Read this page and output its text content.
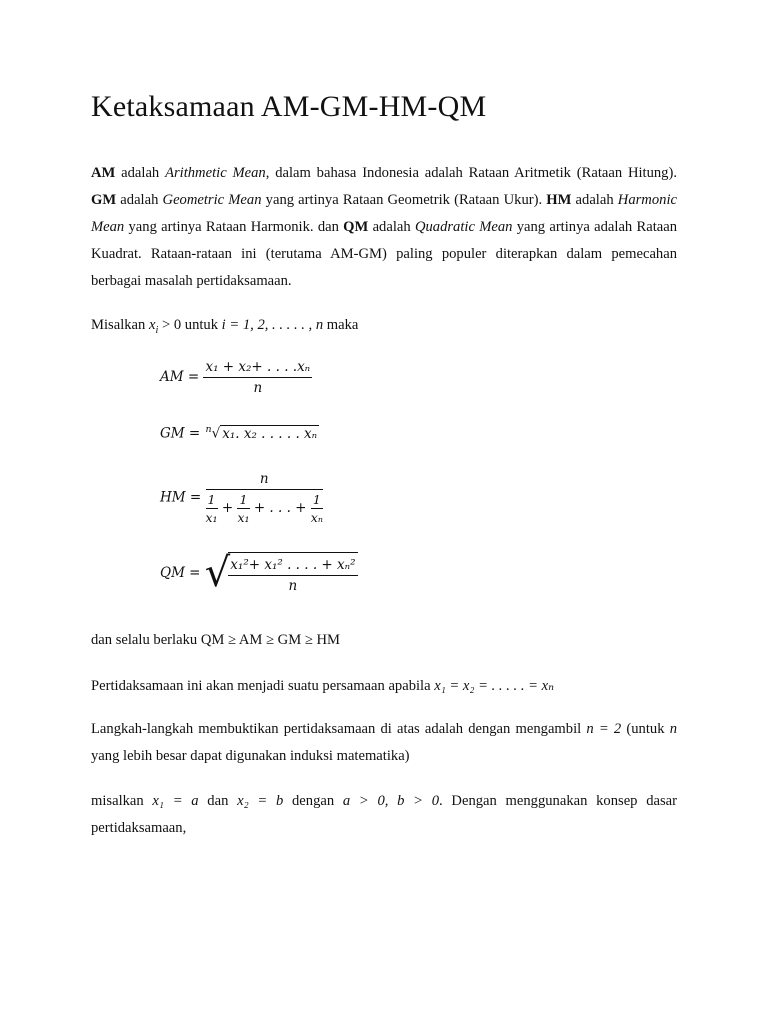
Ketaksamaan AM-GM-HM-QM

AM adalah Arithmetic Mean, dalam bahasa Indonesia adalah Rataan Aritmetik (Rataan Hitung). GM adalah Geometric Mean yang artinya Rataan Geometrik (Rataan Ukur). HM adalah Harmonic Mean yang artinya Rataan Harmonik. dan QM adalah Quadratic Mean yang artinya adalah Rataan Kuadrat. Rataan-rataan ini (terutama AM-GM) paling populer diterapkan dalam pemecahan berbagai masalah pertidaksamaan.

Misalkan $x_i > 0$ untuk i = 1, 2, . . . . . , n maka

AM = $\frac{\text{x₁ + x₂+ . . . .xₙ}}{n}$
GM = $^n$√ x₁. x₂ . . . . . xₙ
HM = $\frac{n}{\frac{1}{\text{x₁}} + \frac{1}{\text{x₁}} + . . . + \frac{1}{\text{xₙ}}}$
QM = √
$\frac{\text{x₁²+ x₁² . . . . + xₙ²}}{n}$

dan selalu berlaku QM ≥ AM ≥ GM ≥ HM

Pertidaksamaan ini akan menjadi suatu persamaan apabila x₁ = x₂ = . . . . . = xₙ

Langkah-langkah membuktikan pertidaksamaan di atas adalah dengan mengambil n = 2 (untuk n yang lebih besar dapat digunakan induksi matematika)

misalkan x₁ = a dan x₂ = b dengan a > 0, b > 0. Dengan menggunakan konsep dasar pertidaksamaan,
